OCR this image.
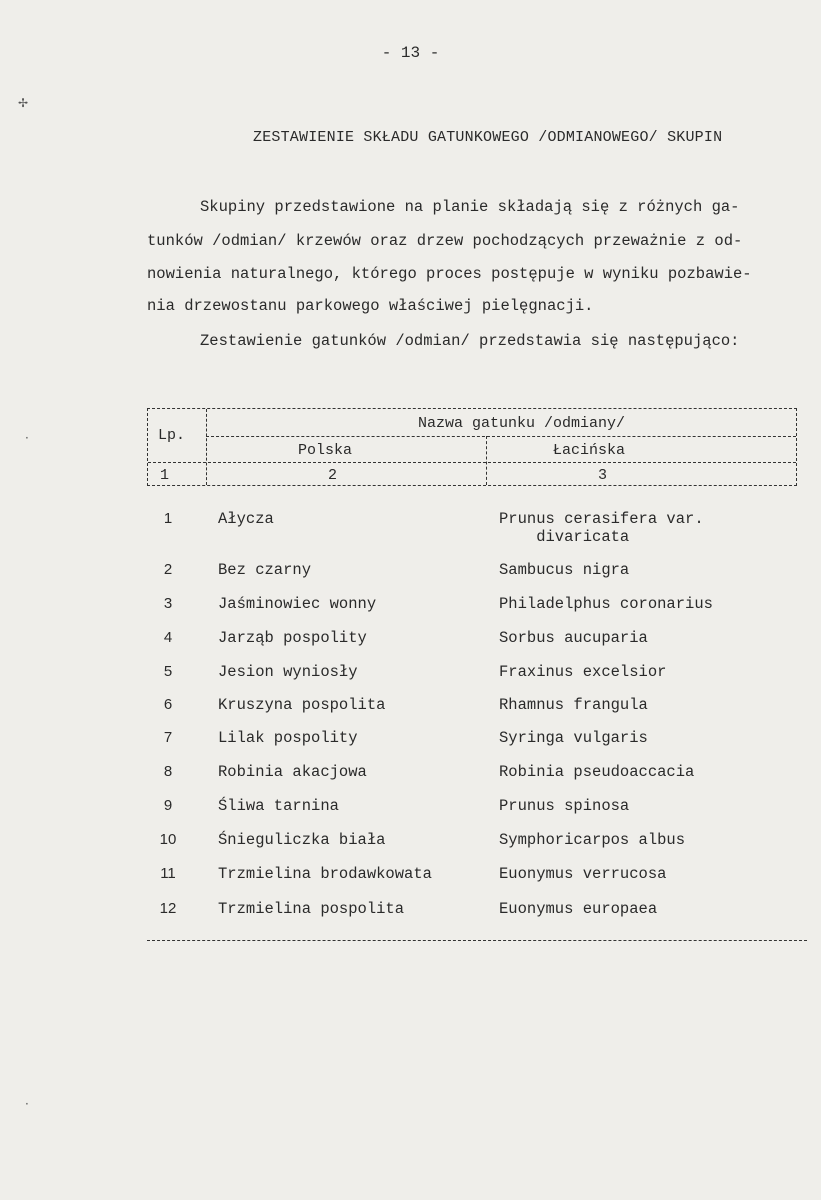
- 13 -
ZESTAWIENIE SKŁADU GATUNKOWEGO /ODMIANOWEGO/ SKUPIN
Skupiny przedstawione na planie składają się z różnych ga-
tunków /odmian/ krzewów oraz drzew pochodzących przeważnie z od-
nowienia naturalnego, którego proces postępuje w wyniku pozbawie-
nia drzewostanu parkowego właściwej pielęgnacji.
Zestawienie gatunków /odmian/ przedstawia się następująco:
Lp.
Nazwa gatunku /odmiany/
Polska	Łacińska
1	2	3
1	Ałycza	Prunus cerasifera var.
divaricata
2	Bez czarny	Sambucus nigra
3	Jaśminowiec wonny	Philadelphus coronarius
4	Jarząb pospolity	Sorbus aucuparia
5	Jesion wyniosły	Fraxinus excelsior
6	Kruszyna pospolita	Rhamnus frangula
7	Lilak pospolity	Syringa vulgaris
8	Robinia akacjowa	Robinia pseudoaccacia
9	Śliwa tarnina	Prunus spinosa
10	Śnieguliczka biała	Symphoricarpos albus
11	Trzmielina brodawkowata	Euonymus verrucosa
12	Trzmielina pospolita	Euonymus europaea
✢
·
·
